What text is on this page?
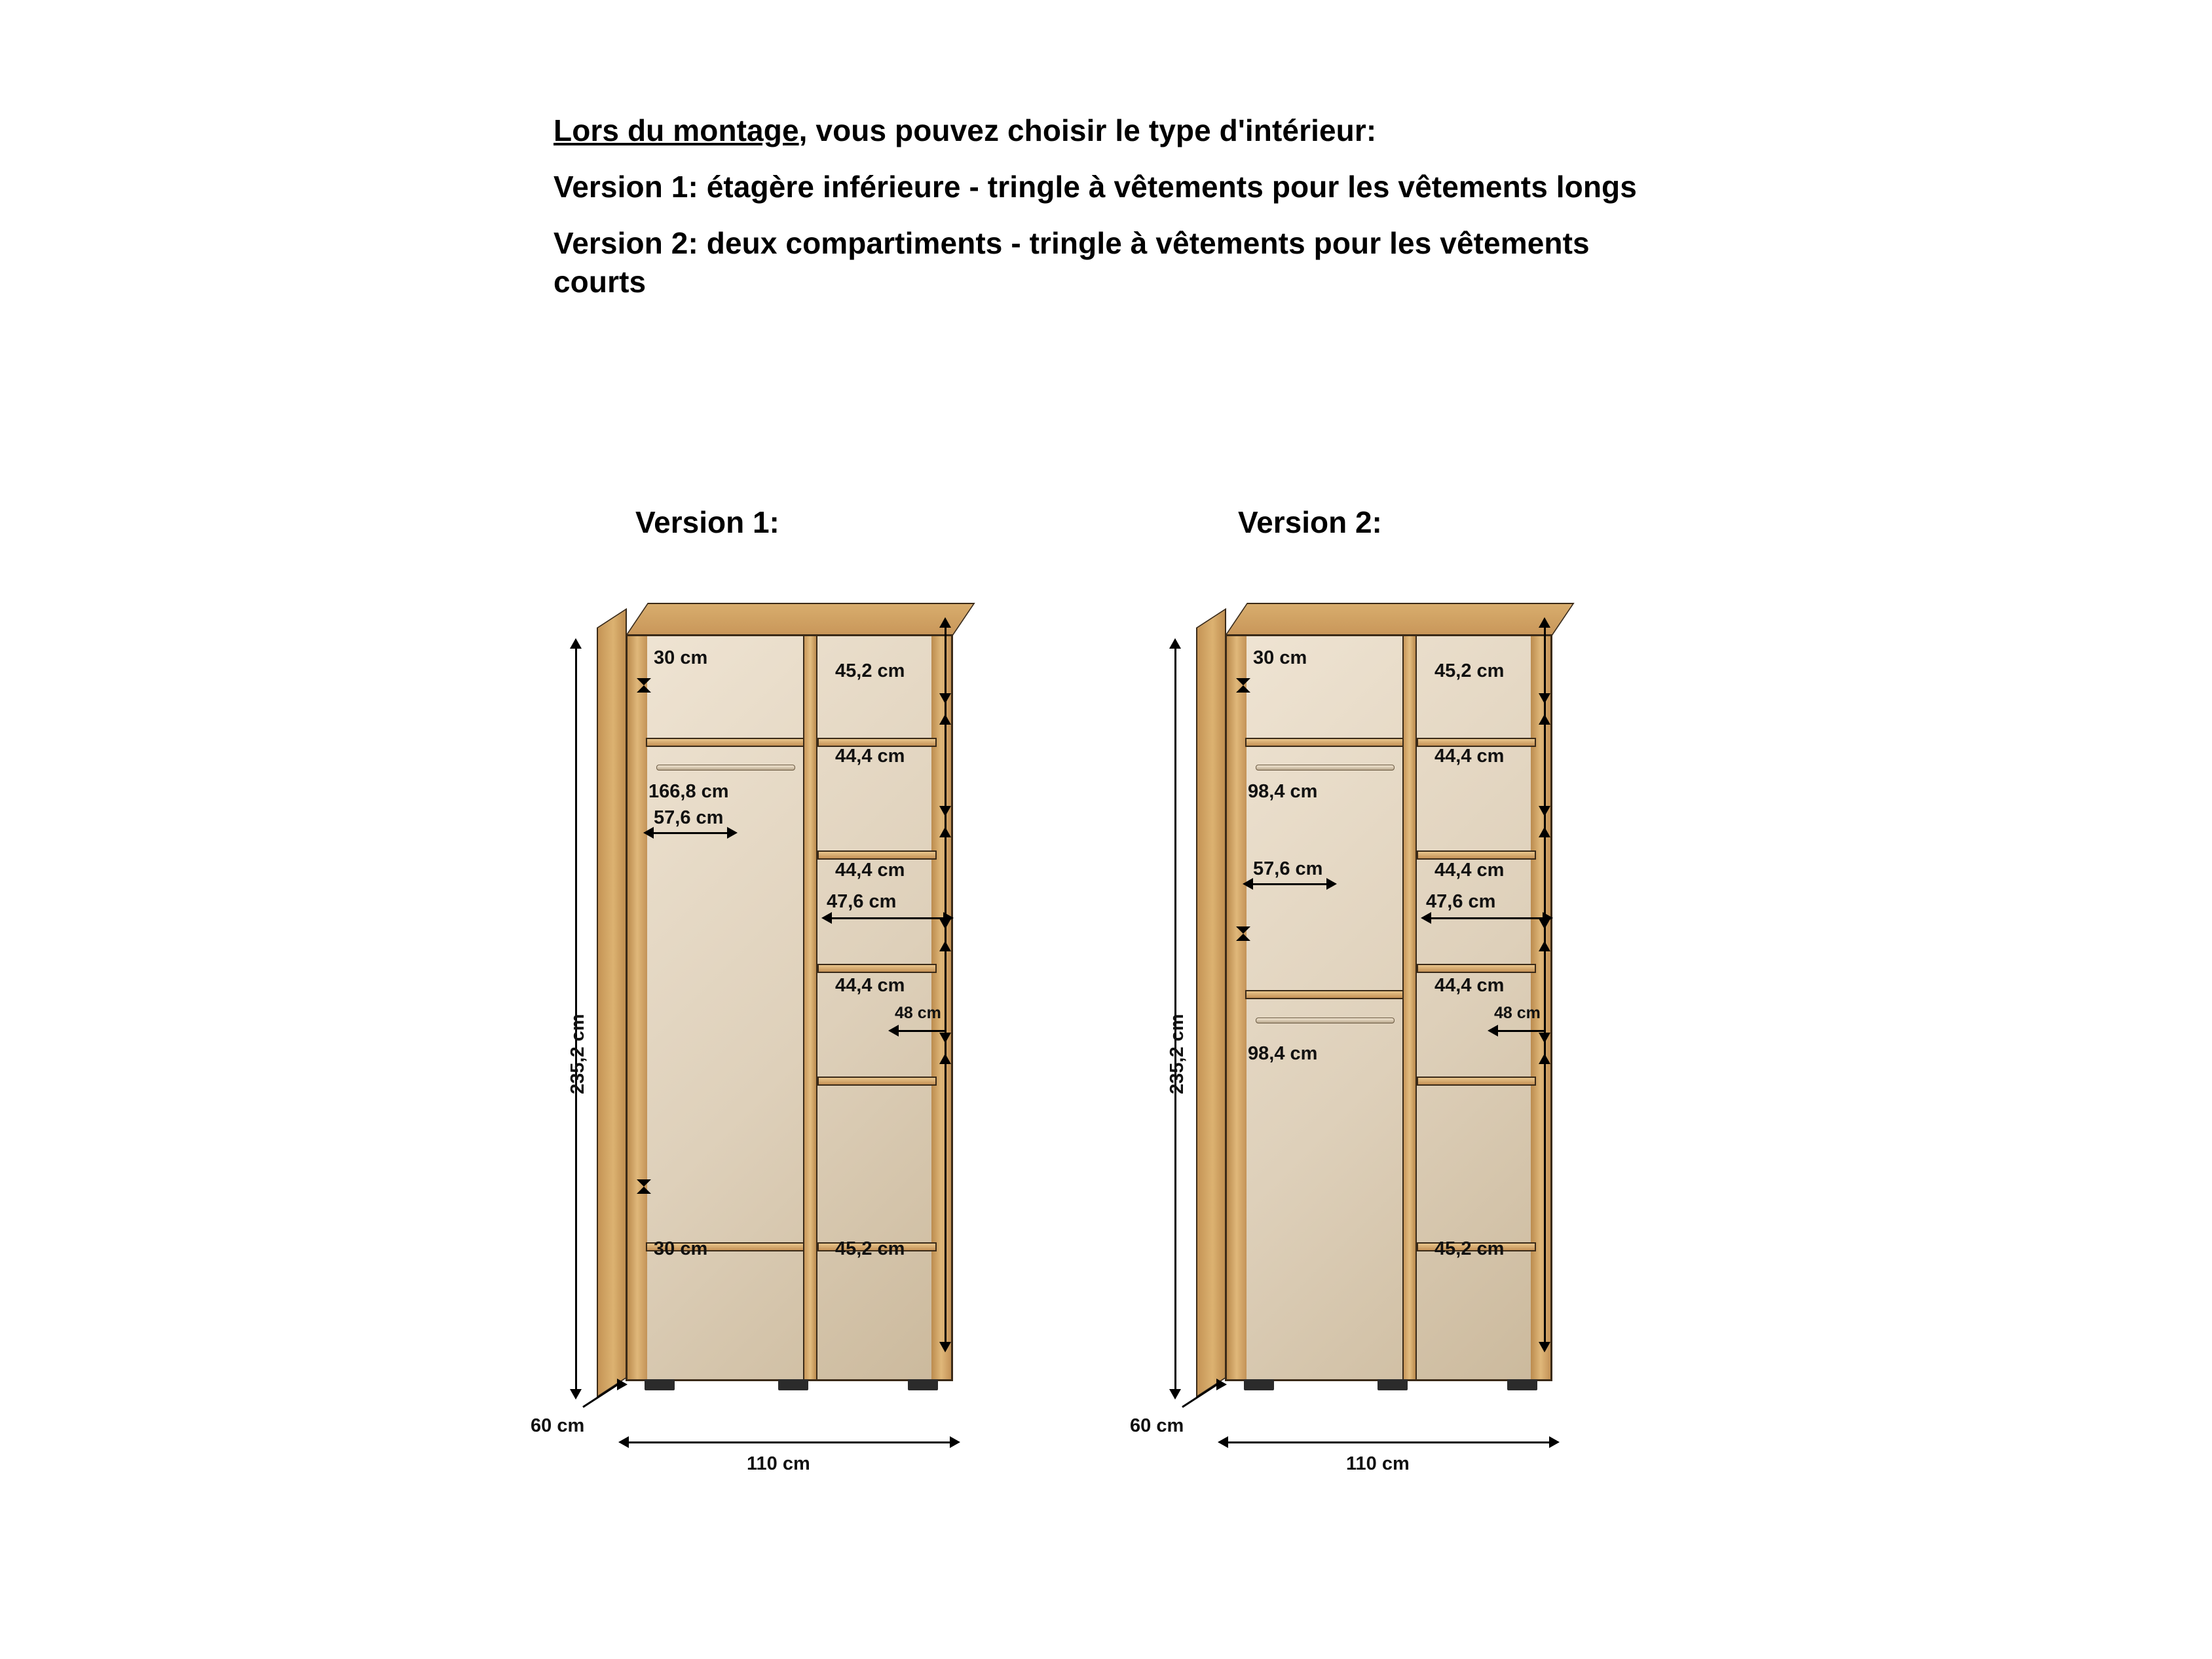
Lors du montage, vous pouvez choisir le type d'intérieur:

Version 1: étagère inférieure - tringle à vêtements pour les vêtements longs

Version 2: deux compartiments - tringle à vêtements pour les vêtements courts

Version 1:	Version 2:
235,2 cm
60 cm
110 cm
30 cm
166,8 cm
57,6 cm
30 cm
45,2 cm
44,4 cm
44,4 cm
44,4 cm
45,2 cm
47,6 cm
48 cm
235,2 cm
60 cm
110 cm
30 cm
98,4 cm
57,6 cm
98,4 cm
45,2 cm
44,4 cm
44,4 cm
44,4 cm
45,2 cm
47,6 cm
48 cm
